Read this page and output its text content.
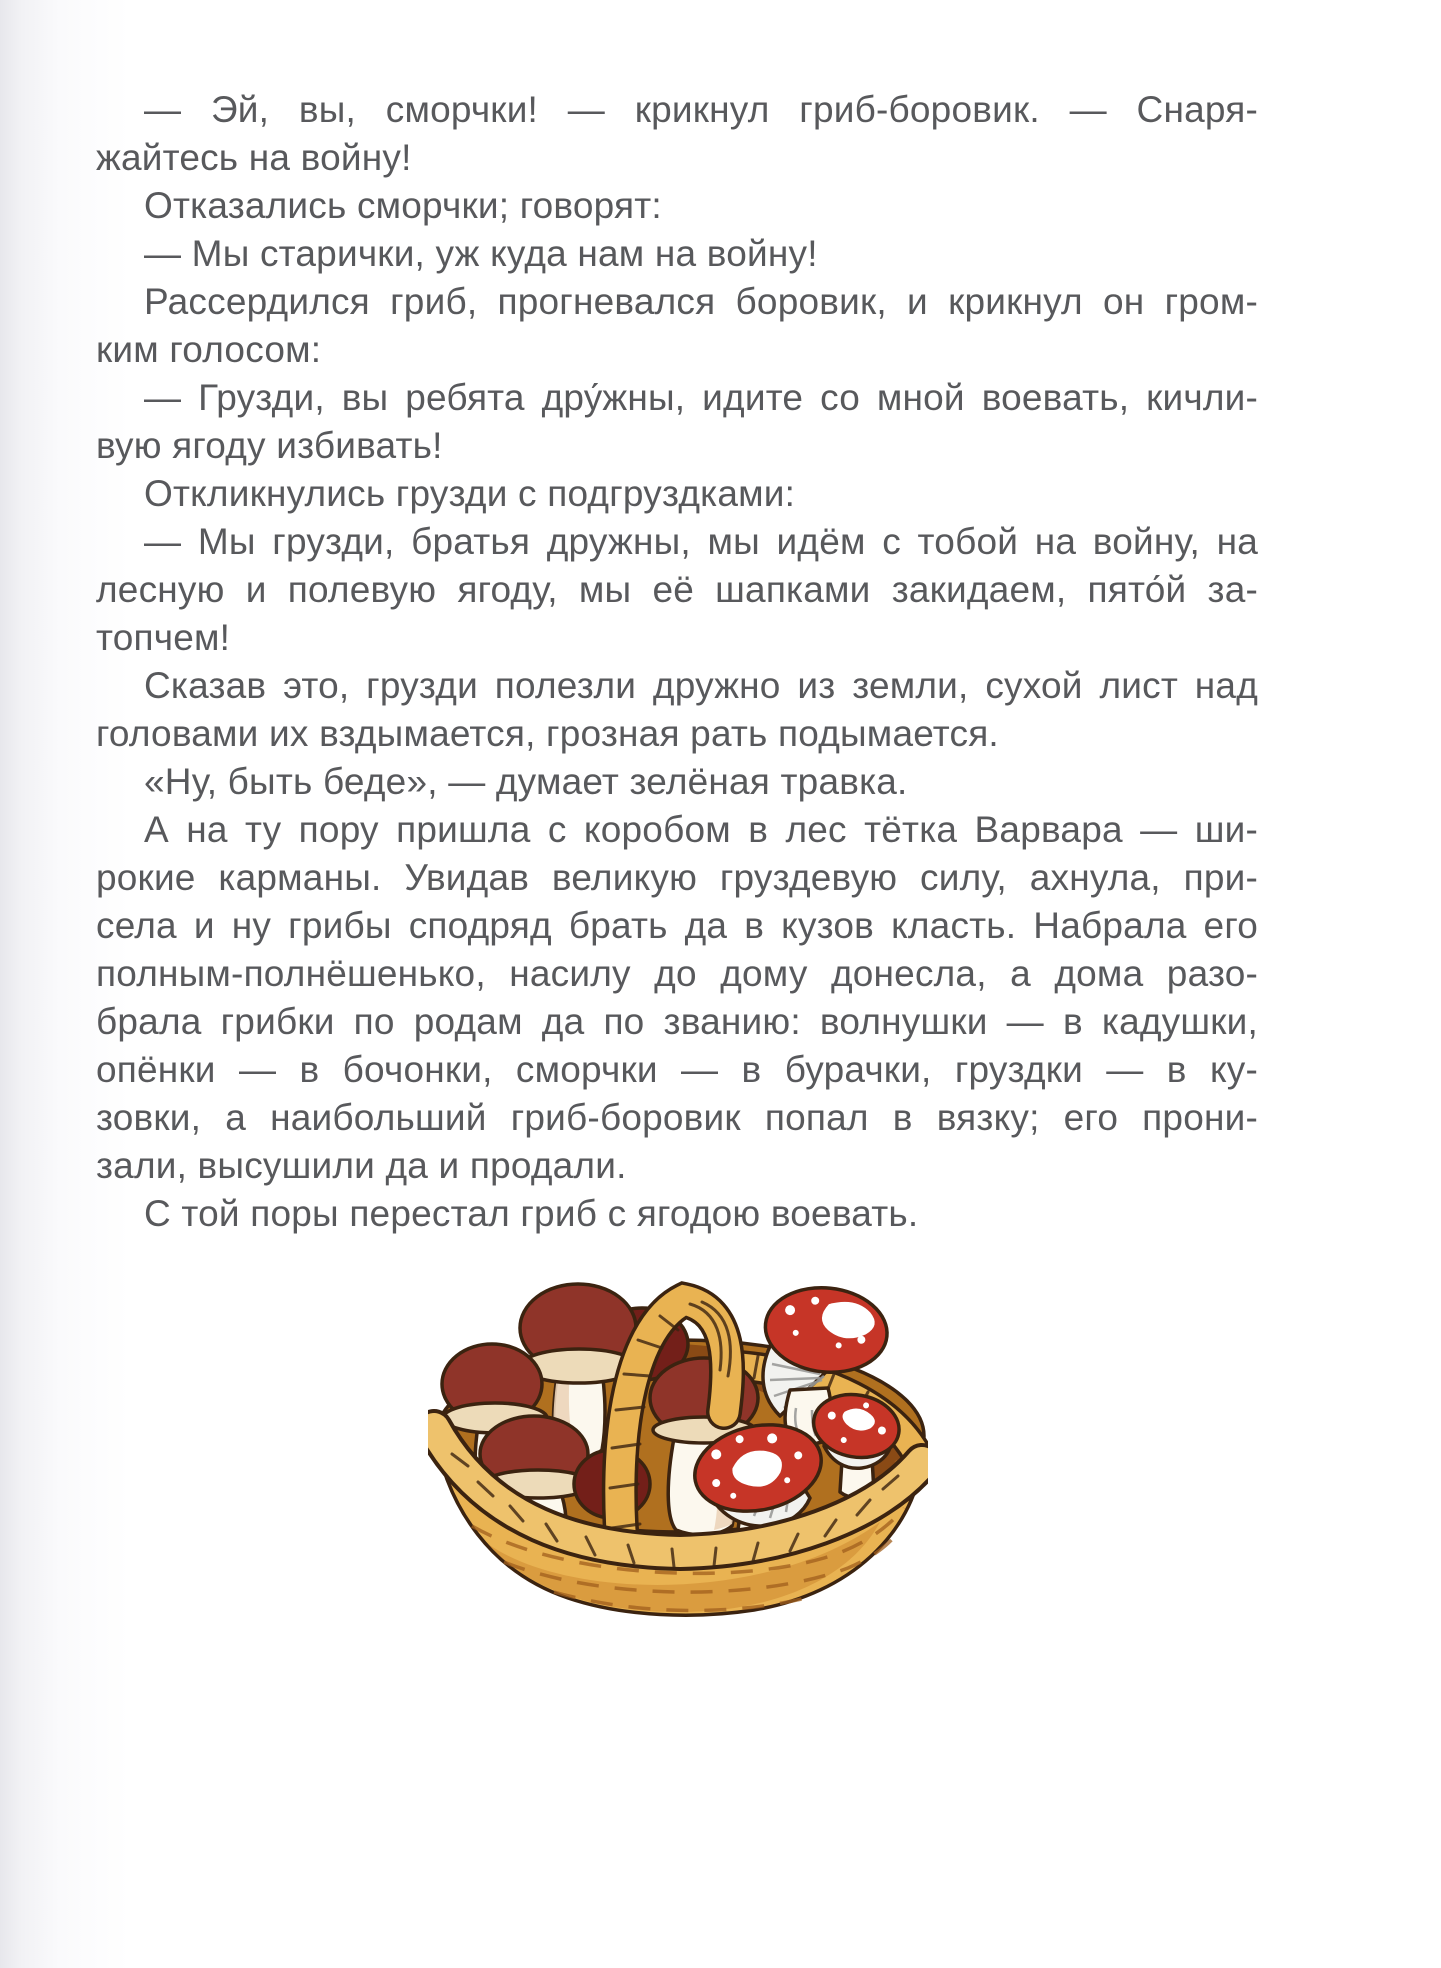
— Эй, вы, сморчки! — крикнул гриб-боровик. — Снаря-
жайтесь на войну!
Отказались сморчки; говорят:
— Мы старички, уж куда нам на войну!
Рассердился гриб, прогневался боровик, и крикнул он гром-
ким голосом:
— Грузди, вы ребята дру́жны, идите со мной воевать, кичли-
вую ягоду избивать!
Откликнулись грузди с подгруздками:
— Мы грузди, братья дружны, мы идём с тобой на войну, на
лесную и полевую ягоду, мы её шапками закидаем, пято́й за-
топчем!
Сказав это, грузди полезли дружно из земли, сухой лист над
головами их вздымается, грозная рать подымается.
«Ну, быть беде», — думает зелёная травка.
А на ту пору пришла с коробом в лес тётка Варвара — ши-
рокие карманы. Увидав великую груздевую силу, ахнула, при-
села и ну грибы сподряд брать да в кузов класть. Набрала его
полным-полнёшенько, насилу до дому донесла, а дома разо-
брала грибки по родам да по званию: волнушки — в кадушки,
опёнки — в бочонки, сморчки — в бурачки, груздки — в ку-
зовки, а наибольший гриб-боровик попал в вязку; его прони-
зали, высушили да и продали.
С той поры перестал гриб с ягодою воевать.
